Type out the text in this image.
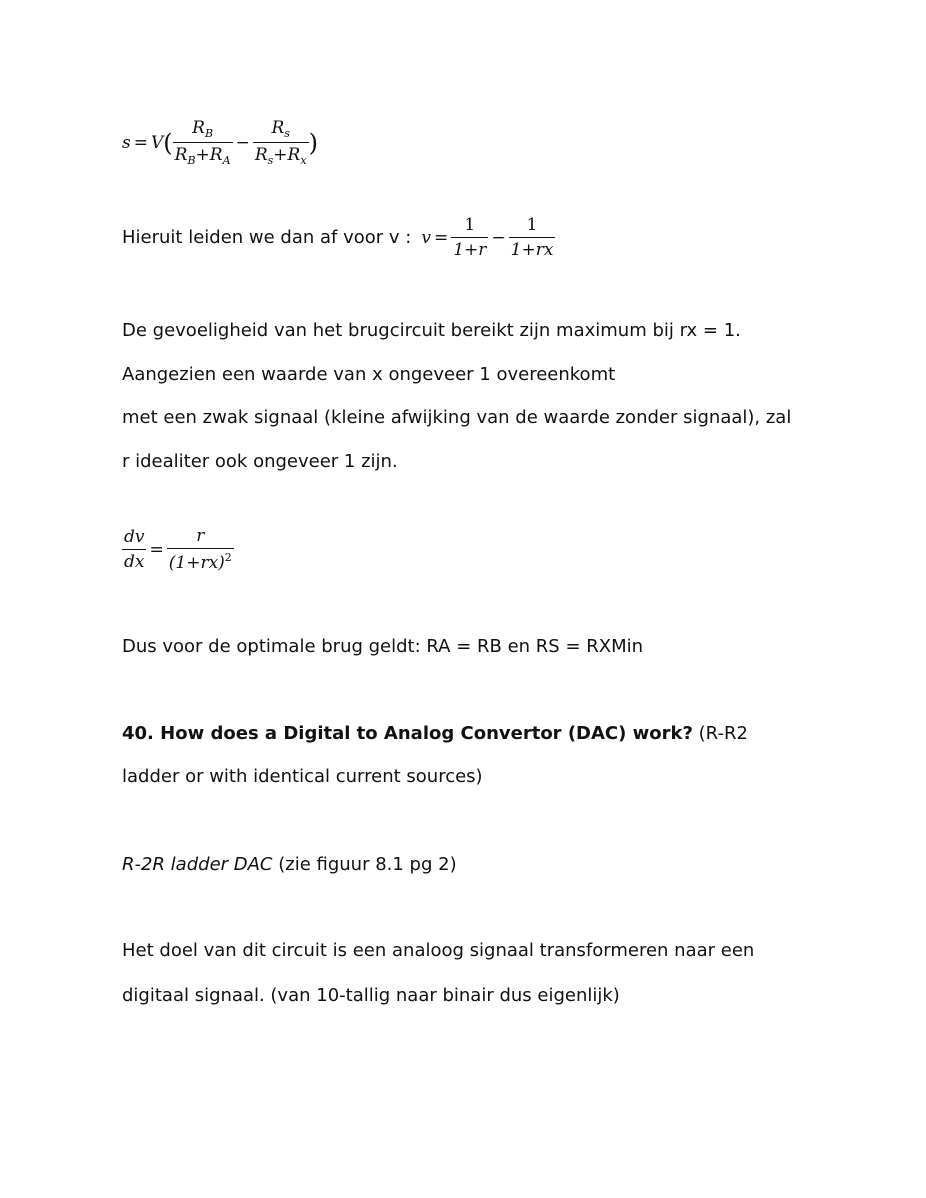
s = V ( $\frac{R_B}{R_B+R_A} - \frac{R_s}{R_s+R_x}$ )
Hieruit leiden we dan af voor v : $v = \frac{1}{1+r} - \frac{1}{1+rx}$
De gevoeligheid van het brugcircuit bereikt zijn maximum bij rx = 1.
Aangezien een waarde van x ongeveer 1 overeenkomt
met een zwak signaal (kleine afwijking van de waarde zonder signaal), zal
r idealiter ook ongeveer 1 zijn.
$\frac{dv}{dx} = \frac{r}{(1+rx)^2}$
Dus voor de optimale brug geldt: RA = RB en RS = RXMin
40. How does a Digital to Analog Convertor (DAC) work? (R-R2
ladder or with identical current sources)
R-2R ladder DAC (zie figuur 8.1 pg 2)
Het doel van dit circuit is een analoog signaal transformeren naar een
digitaal signaal. (van 10-tallig naar binair dus eigenlijk)
